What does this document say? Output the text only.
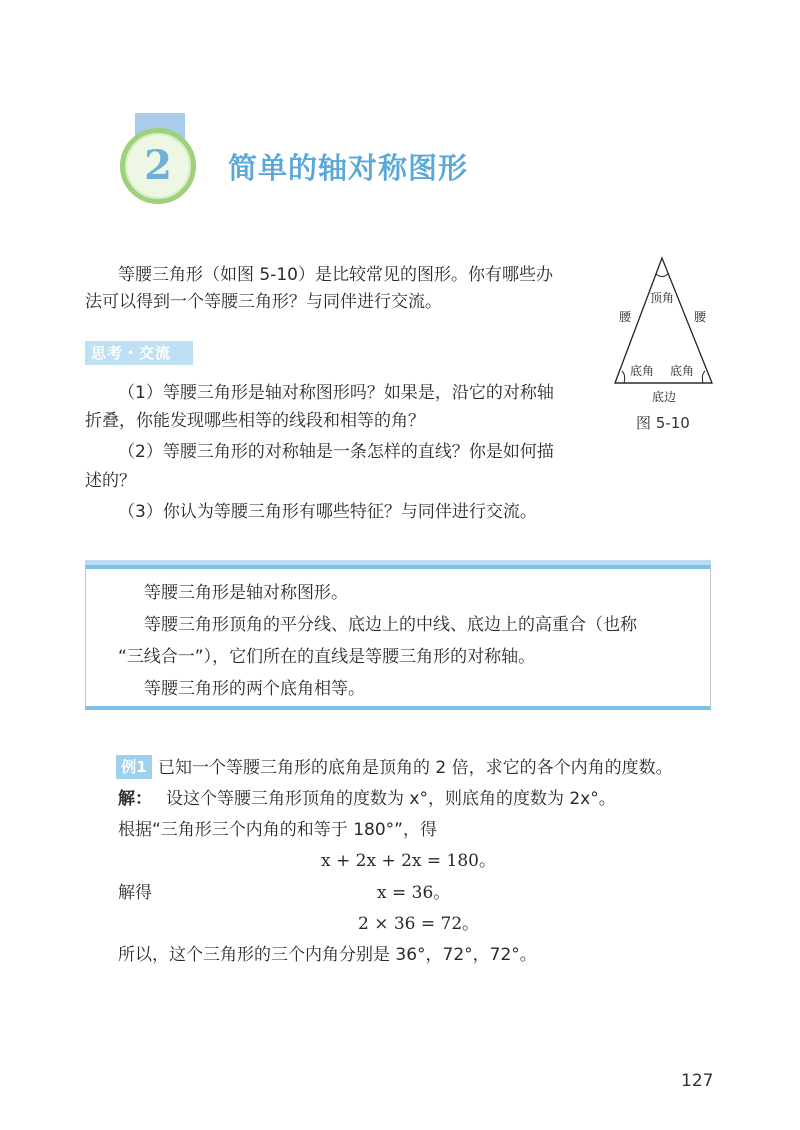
2	简单的轴对称图形
等腰三角形（如图 5-10）是比较常见的图形。你有哪些办
法可以得到一个等腰三角形？与同伴进行交流。
思考・交流
（1）等腰三角形是轴对称图形吗？如果是，沿它的对称轴
折叠，你能发现哪些相等的线段和相等的角？
（2）等腰三角形的对称轴是一条怎样的直线？你是如何描
述的？
（3）你认为等腰三角形有哪些特征？与同伴进行交流。
顶角
腰	腰
底角 底角
底边
图 5-10
等腰三角形是轴对称图形。
等腰三角形顶角的平分线、底边上的中线、底边上的高重合（也称
“三线合一”），它们所在的直线是等腰三角形的对称轴。
等腰三角形的两个底角相等。
例1 已知一个等腰三角形的底角是顶角的 2 倍，求它的各个内角的度数。
解： 设这个等腰三角形顶角的度数为 x°，则底角的度数为 2x°。
根据“三角形三个内角的和等于 180°”，得
x + 2x + 2x = 180。
解得	x = 36。
2 × 36 = 72。
所以，这个三角形的三个内角分别是 36°，72°，72°。
127
